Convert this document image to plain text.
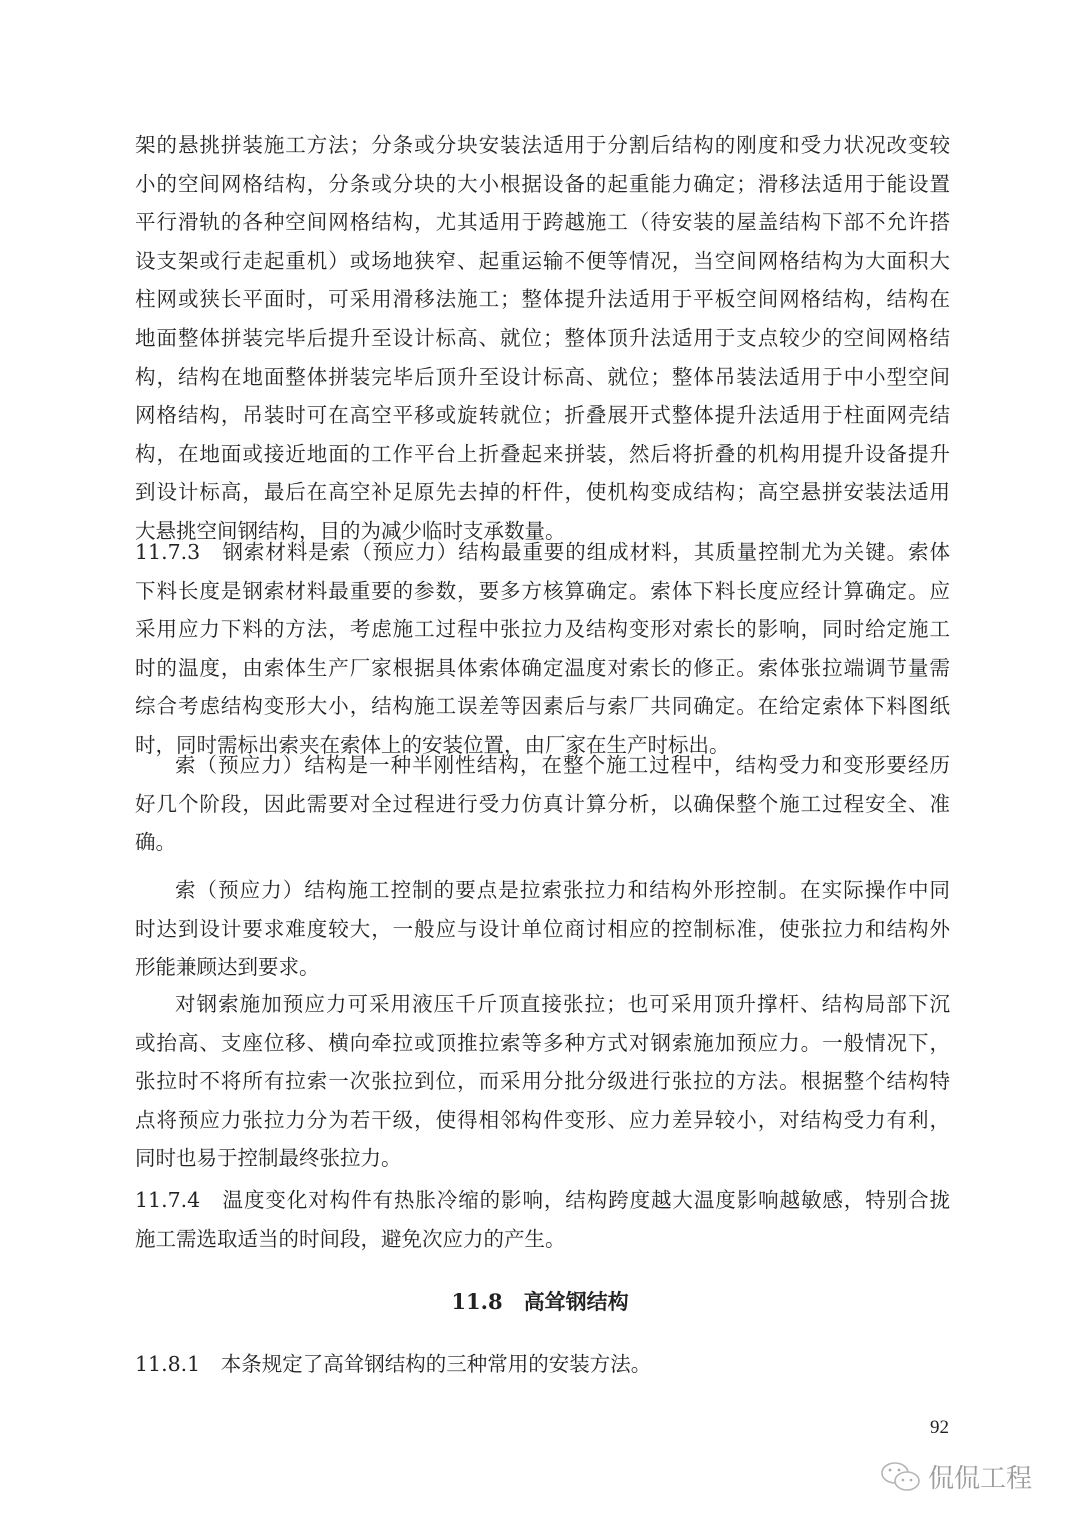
架的悬挑拼装施工方法；分条或分块安装法适用于分割后结构的刚度和受力状况改变较
小的空间网格结构，分条或分块的大小根据设备的起重能力确定；滑移法适用于能设置
平行滑轨的各种空间网格结构，尤其适用于跨越施工（待安装的屋盖结构下部不允许搭
设支架或行走起重机）或场地狭窄、起重运输不便等情况，当空间网格结构为大面积大
柱网或狭长平面时，可采用滑移法施工；整体提升法适用于平板空间网格结构，结构在
地面整体拼装完毕后提升至设计标高、就位；整体顶升法适用于支点较少的空间网格结
构，结构在地面整体拼装完毕后顶升至设计标高、就位；整体吊装法适用于中小型空间
网格结构，吊装时可在高空平移或旋转就位；折叠展开式整体提升法适用于柱面网壳结
构，在地面或接近地面的工作平台上折叠起来拼装，然后将折叠的机构用提升设备提升
到设计标高，最后在高空补足原先去掉的杆件，使机构变成结构；高空悬拼安装法适用
大悬挑空间钢结构，目的为减少临时支承数量。
11.7.3　钢索材料是索（预应力）结构最重要的组成材料，其质量控制尤为关键。索体
下料长度是钢索材料最重要的参数，要多方核算确定。索体下料长度应经计算确定。应
采用应力下料的方法，考虑施工过程中张拉力及结构变形对索长的影响，同时给定施工
时的温度，由索体生产厂家根据具体索体确定温度对索长的修正。索体张拉端调节量需
综合考虑结构变形大小，结构施工误差等因素后与索厂共同确定。在给定索体下料图纸
时，同时需标出索夹在索体上的安装位置，由厂家在生产时标出。
索（预应力）结构是一种半刚性结构，在整个施工过程中，结构受力和变形要经历
好几个阶段，因此需要对全过程进行受力仿真计算分析，以确保整个施工过程安全、准
确。
索（预应力）结构施工控制的要点是拉索张拉力和结构外形控制。在实际操作中同
时达到设计要求难度较大，一般应与设计单位商讨相应的控制标准，使张拉力和结构外
形能兼顾达到要求。
对钢索施加预应力可采用液压千斤顶直接张拉；也可采用顶升撑杆、结构局部下沉
或抬高、支座位移、横向牵拉或顶推拉索等多种方式对钢索施加预应力。一般情况下，
张拉时不将所有拉索一次张拉到位，而采用分批分级进行张拉的方法。根据整个结构特
点将预应力张拉力分为若干级，使得相邻构件变形、应力差异较小，对结构受力有利，
同时也易于控制最终张拉力。
11.7.4　温度变化对构件有热胀冷缩的影响，结构跨度越大温度影响越敏感，特别合拢
施工需选取适当的时间段，避免次应力的产生。
11.8　高耸钢结构
11.8.1　本条规定了高耸钢结构的三种常用的安装方法。
92
侃侃工程
